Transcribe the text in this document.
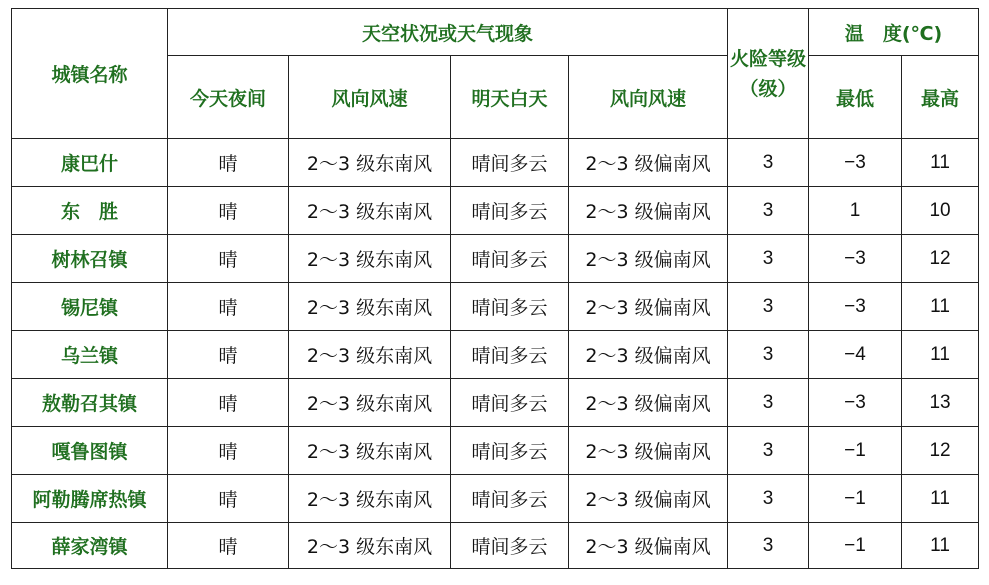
城镇名称	天空状况或天气现象				火险等级（级）	温　度(℃)	
	今天夜间	风向风速	明天白天	风向风速		最低	最高
康巴什	晴	2～3 级东南风	晴间多云	2～3 级偏南风	3	−3	11
东　胜	晴	2～3 级东南风	晴间多云	2～3 级偏南风	3	1	10
树林召镇	晴	2～3 级东南风	晴间多云	2～3 级偏南风	3	−3	12
锡尼镇	晴	2～3 级东南风	晴间多云	2～3 级偏南风	3	−3	11
乌兰镇	晴	2～3 级东南风	晴间多云	2～3 级偏南风	3	−4	11
敖勒召其镇	晴	2～3 级东南风	晴间多云	2～3 级偏南风	3	−3	13
嘎鲁图镇	晴	2～3 级东南风	晴间多云	2～3 级偏南风	3	−1	12
阿勒腾席热镇	晴	2～3 级东南风	晴间多云	2～3 级偏南风	3	−1	11
薛家湾镇	晴	2～3 级东南风	晴间多云	2～3 级偏南风	3	−1	11
